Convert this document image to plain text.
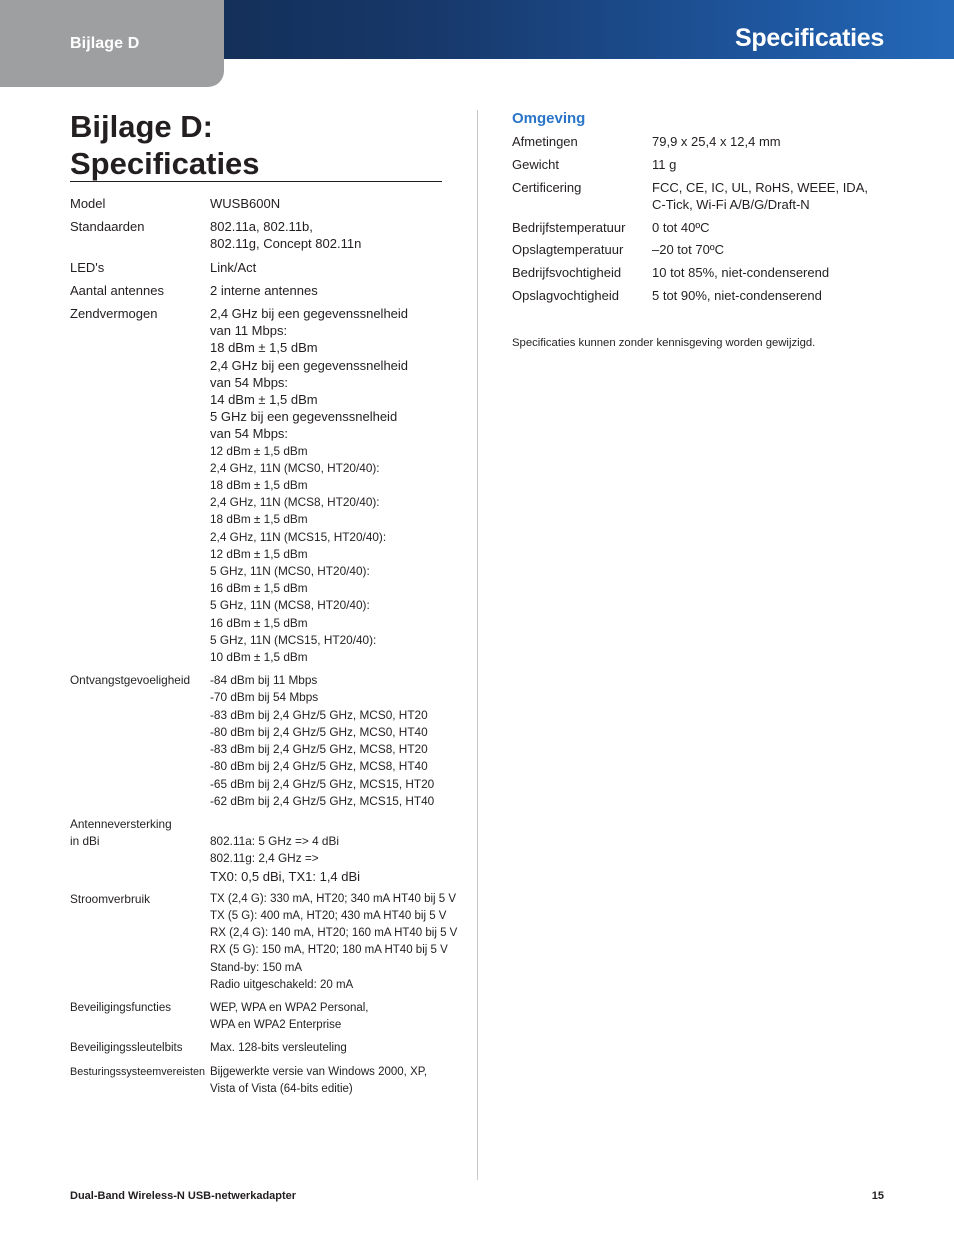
Specificaties
Bijlage D
Bijlage D:
Specificaties
Model	WUSB600N
Standaarden	802.11a, 802.11b,
802.11g, Concept 802.11n
LED's	Link/Act
Aantal antennes	2 interne antennes
Zendvermogen	2,4 GHz bij een gegevenssnelheid
van 11 Mbps:
18 dBm ± 1,5 dBm
2,4 GHz bij een gegevenssnelheid
van 54 Mbps:
14 dBm ± 1,5 dBm
5 GHz bij een gegevenssnelheid
van 54 Mbps:
12 dBm ± 1,5 dBm
2,4 GHz, 11N (MCS0, HT20/40):
18 dBm ± 1,5 dBm
2,4 GHz, 11N (MCS8, HT20/40):
18 dBm ± 1,5 dBm
2,4 GHz, 11N (MCS15, HT20/40):
12 dBm ± 1,5 dBm
5 GHz, 11N (MCS0, HT20/40):
16 dBm ± 1,5 dBm
5 GHz, 11N (MCS8, HT20/40):
16 dBm ± 1,5 dBm
5 GHz, 11N (MCS15, HT20/40):
10 dBm ± 1,5 dBm
Ontvangstgevoeligheid	-84 dBm bij 11 Mbps
-70 dBm bij 54 Mbps
-83 dBm bij 2,4 GHz/5 GHz, MCS0, HT20
-80 dBm bij 2,4 GHz/5 GHz, MCS0, HT40
-83 dBm bij 2,4 GHz/5 GHz, MCS8, HT20
-80 dBm bij 2,4 GHz/5 GHz, MCS8, HT40
-65 dBm bij 2,4 GHz/5 GHz, MCS15, HT20
-62 dBm bij 2,4 GHz/5 GHz, MCS15, HT40
Antenneversterking
in dBi	802.11a: 5 GHz => 4 dBi
802.11g: 2,4 GHz =>
TX0: 0,5 dBi, TX1: 1,4 dBi
Stroomverbruik	TX (2,4 G): 330 mA, HT20; 340 mA HT40 bij 5 V
TX (5 G): 400 mA, HT20; 430 mA HT40 bij 5 V
RX (2,4 G): 140 mA, HT20; 160 mA HT40 bij 5 V
RX (5 G): 150 mA, HT20; 180 mA HT40 bij 5 V
Stand-by: 150 mA
Radio uitgeschakeld: 20 mA
Beveiligingsfuncties	WEP, WPA en WPA2 Personal,
WPA en WPA2 Enterprise
Beveiligingssleutelbits	Max. 128-bits versleuteling
Besturingssysteemvereisten Bijgewerkte versie van Windows 2000, XP,
Vista of Vista (64-bits editie)
Omgeving
Afmetingen	79,9 x 25,4 x 12,4 mm
Gewicht	11 g
Certificering	FCC, CE, IC, UL, RoHS, WEEE, IDA,
C-Tick, Wi-Fi A/B/G/Draft-N
Bedrijfstemperatuur	0 tot 40ºC
Opslagtemperatuur	–20 tot 70ºC
Bedrijfsvochtigheid	10 tot 85%, niet-condenserend
Opslagvochtigheid	5 tot 90%, niet-condenserend
Specificaties kunnen zonder kennisgeving worden gewijzigd.
Dual-Band Wireless-N USB-netwerkadapter	15
